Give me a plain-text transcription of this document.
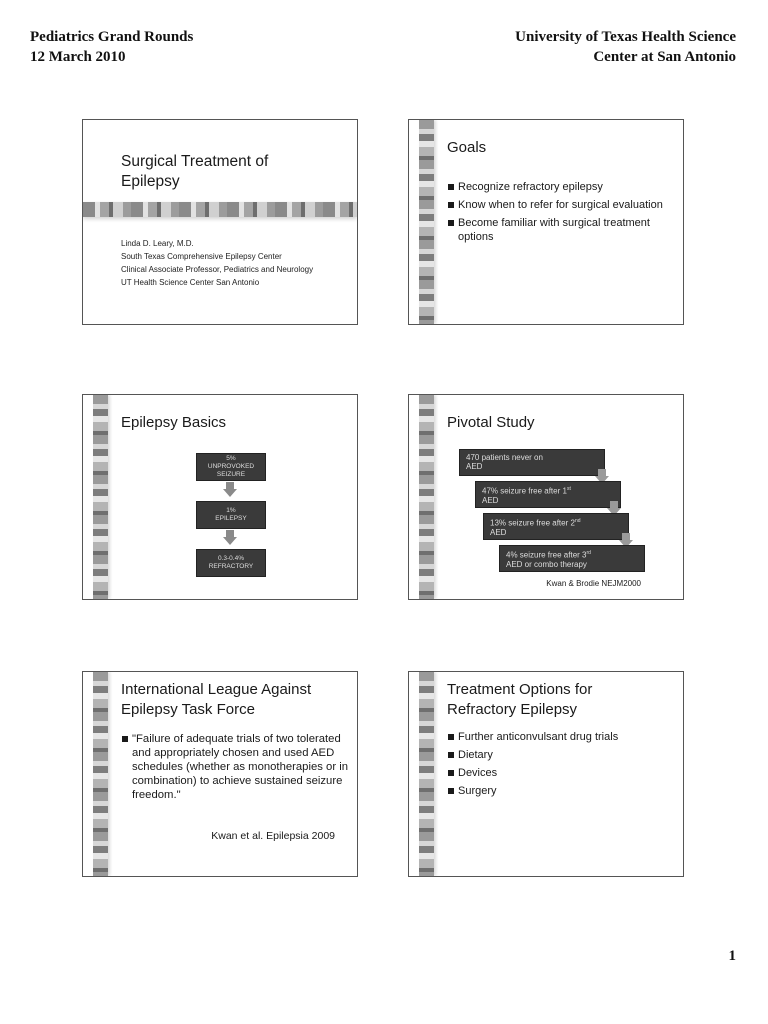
Pediatrics Grand Rounds
12 March 2010
University of Texas Health Science
Center at San Antonio
Surgical Treatment of
Epilepsy
Linda D. Leary, M.D.
South Texas Comprehensive Epilepsy Center
Clinical Associate Professor, Pediatrics and Neurology
UT Health Science Center San Antonio
Goals
Recognize refractory epilepsy
Know when to refer for surgical evaluation
Become familiar with surgical treatment options
Epilepsy Basics
5%
UNPROVOKED
SEIZURE
1%
EPILEPSY
0.3-0.4%
REFRACTORY
Pivotal Study
470 patients never on
AED
47% seizure free after 1st
AED
13% seizure free after 2nd
AED
4% seizure free after 3rd
AED or combo therapy
Kwan & Brodie NEJM2000
International League Against
Epilepsy Task Force
"Failure of adequate trials of two tolerated and appropriately chosen and used AED schedules (whether as monotherapies or in combination) to achieve sustained seizure freedom."
Kwan et al. Epilepsia 2009
Treatment Options for
Refractory Epilepsy
Further anticonvulsant drug trials
Dietary
Devices
Surgery
1
